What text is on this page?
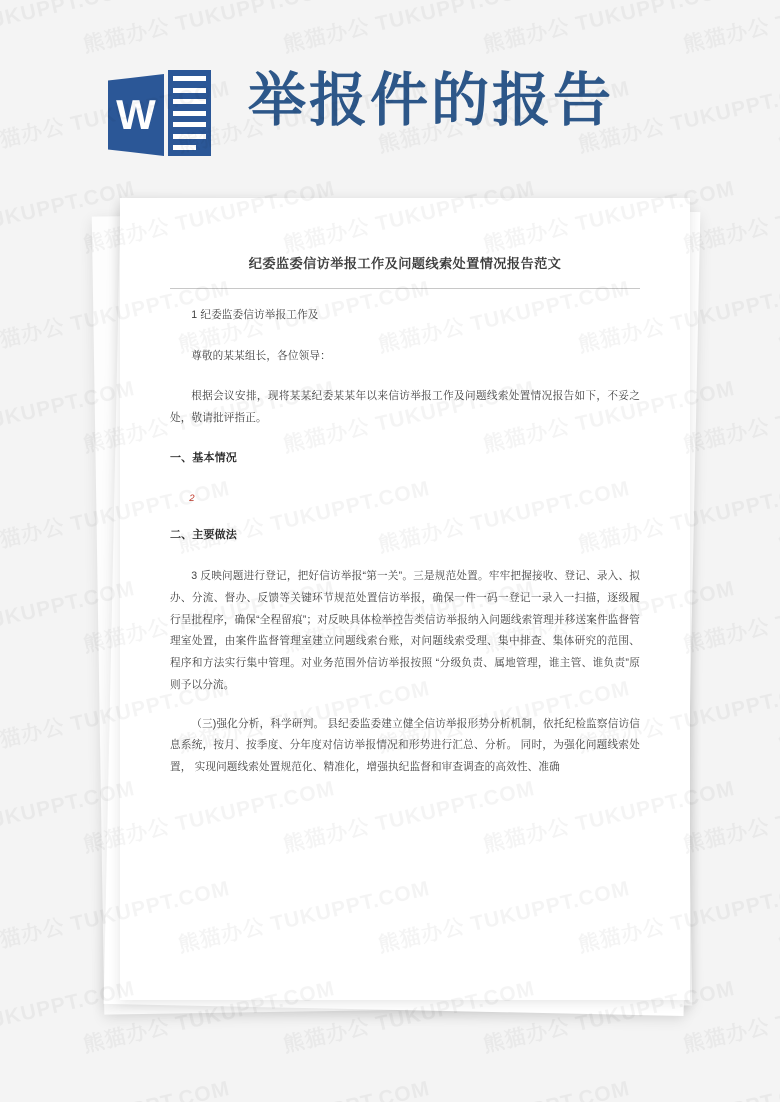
W 举报件的报告
纪委监委信访举报工作及问题线索处置情况报告范文
1 纪委监委信访举报工作及
尊敬的某某组长，各位领导：
根据会议安排，现将某某纪委某某年以来信访举报工作及问题线索处置情况报告如下，不妥之处，敬请批评指正。
一、基本情况
2
二、主要做法
3 反映问题进行登记，把好信访举报“第一关”。三是规范处置。牢牢把握接收、登记、录入、拟办、分流、督办、反馈等关键环节规范处置信访举报，确保一件一码一登记一录入一扫描，逐级履行呈批程序，确保“全程留痕”；对反映具体检举控告类信访举报纳入问题线索管理并移送案件监督管理室处置，由案件监督管理室建立问题线索台账，对问题线索受理、集中排查、集体研究的范围、程序和方法实行集中管理。对业务范围外信访举报按照 “分级负责、属地管理，谁主管、谁负责”原则予以分流。
（三)强化分析，科学研判。 县纪委监委建立健全信访举报形势分析机制，依托纪检监察信访信息系统，按月、按季度、分年度对信访举报情况和形势进行汇总、分析。 同时，为强化问题线索处置， 实现问题线索处置规范化、精准化，增强执纪监督和审查调查的高效性、准确
